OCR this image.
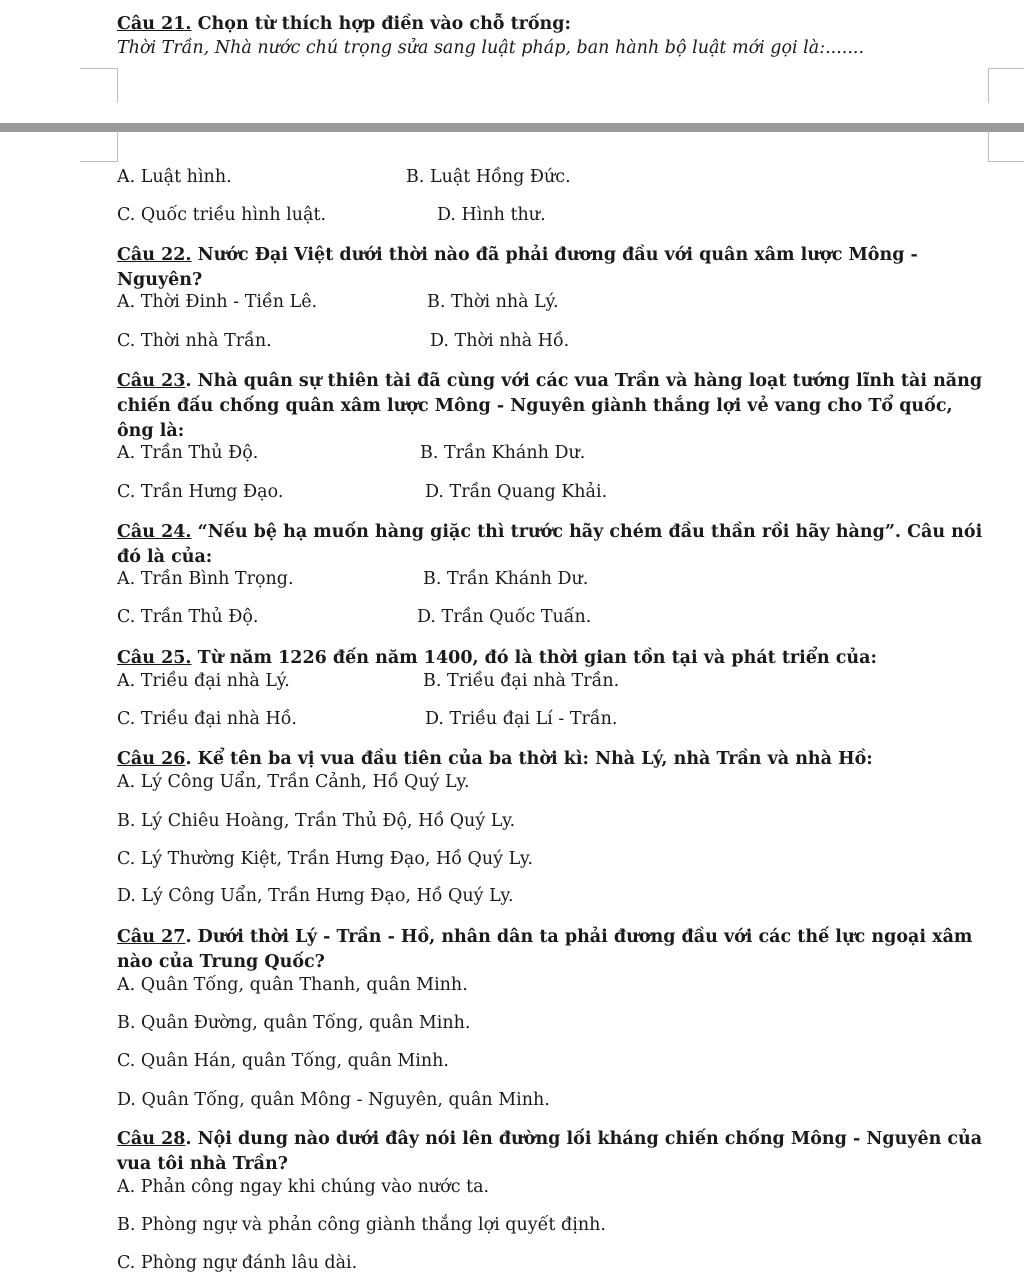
Câu 21. Chọn từ thích hợp điền vào chỗ trống:
Thời Trần, Nhà nước chú trọng sửa sang luật pháp, ban hành bộ luật mới gọi là:.......
A. Luật hình.	B. Luật Hồng Đức.
C. Quốc triều hình luật.	D. Hình thư.
Câu 22. Nước Đại Việt dưới thời nào đã phải đương đầu với quân xâm lược Mông - Nguyên?
A. Thời Đinh - Tiền Lê.	B. Thời nhà Lý.
C. Thời nhà Trần.	D. Thời nhà Hồ.
Câu 23. Nhà quân sự thiên tài đã cùng với các vua Trần và hàng loạt tướng lĩnh tài năng chiến đấu chống quân xâm lược Mông - Nguyên giành thắng lợi vẻ vang cho Tổ quốc, ông là:
A. Trần Thủ Độ.	B. Trần Khánh Dư.
C. Trần Hưng Đạo.	D. Trần Quang Khải.
Câu 24. “Nếu bệ hạ muốn hàng giặc thì trước hãy chém đầu thần rồi hãy hàng”. Câu nói đó là của:
A. Trần Bình Trọng.	B. Trần Khánh Dư.
C. Trần Thủ Độ.	D. Trần Quốc Tuấn.
Câu 25. Từ năm 1226 đến năm 1400, đó là thời gian tồn tại và phát triển của:
A. Triều đại nhà Lý.	B. Triều đại nhà Trần.
C. Triều đại nhà Hồ.	D. Triều đại Lí - Trần.
Câu 26. Kể tên ba vị vua đầu tiên của ba thời kì: Nhà Lý, nhà Trần và nhà Hồ:
A. Lý Công Uẩn, Trần Cảnh, Hồ Quý Ly.
B. Lý Chiêu Hoàng, Trần Thủ Độ, Hồ Quý Ly.
C. Lý Thường Kiệt, Trần Hưng Đạo, Hồ Quý Ly.
D. Lý Công Uẩn, Trần Hưng Đạo, Hồ Quý Ly.
Câu 27. Dưới thời Lý - Trần - Hồ, nhân dân ta phải đương đầu với các thế lực ngoại xâm nào của Trung Quốc?
A. Quân Tống, quân Thanh, quân Minh.
B. Quân Đường, quân Tống, quân Minh.
C. Quân Hán, quân Tống, quân Minh.
D. Quân Tống, quân Mông - Nguyên, quân Minh.
Câu 28. Nội dung nào dưới đây nói lên đường lối kháng chiến chống Mông - Nguyên của vua tôi nhà Trần?
A. Phản công ngay khi chúng vào nước ta.
B. Phòng ngự và phản công giành thắng lợi quyết định.
C. Phòng ngự đánh lâu dài.
